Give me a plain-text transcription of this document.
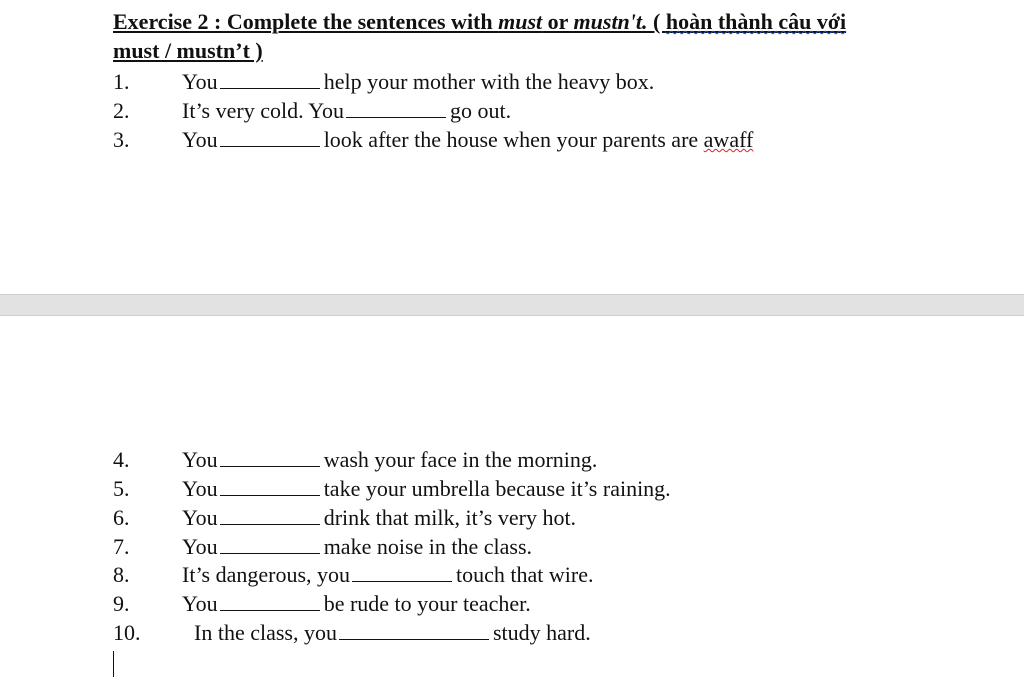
Exercise 2 : Complete the sentences with must or mustn't. ( hoàn thành câu với
must / mustn’t )
1. You	help your mother with the heavy box.
2. It’s very cold. You	go out.
3. You	look after the house when your parents are awaff
4. You	wash your face in the morning.
5. You	take your umbrella because it’s raining.
6. You	drink that milk, it’s very hot.
7. You	make noise in the class.
8. It’s dangerous, you	touch that wire.
9. You	be rude to your teacher.
10. In the class, you	study hard.
